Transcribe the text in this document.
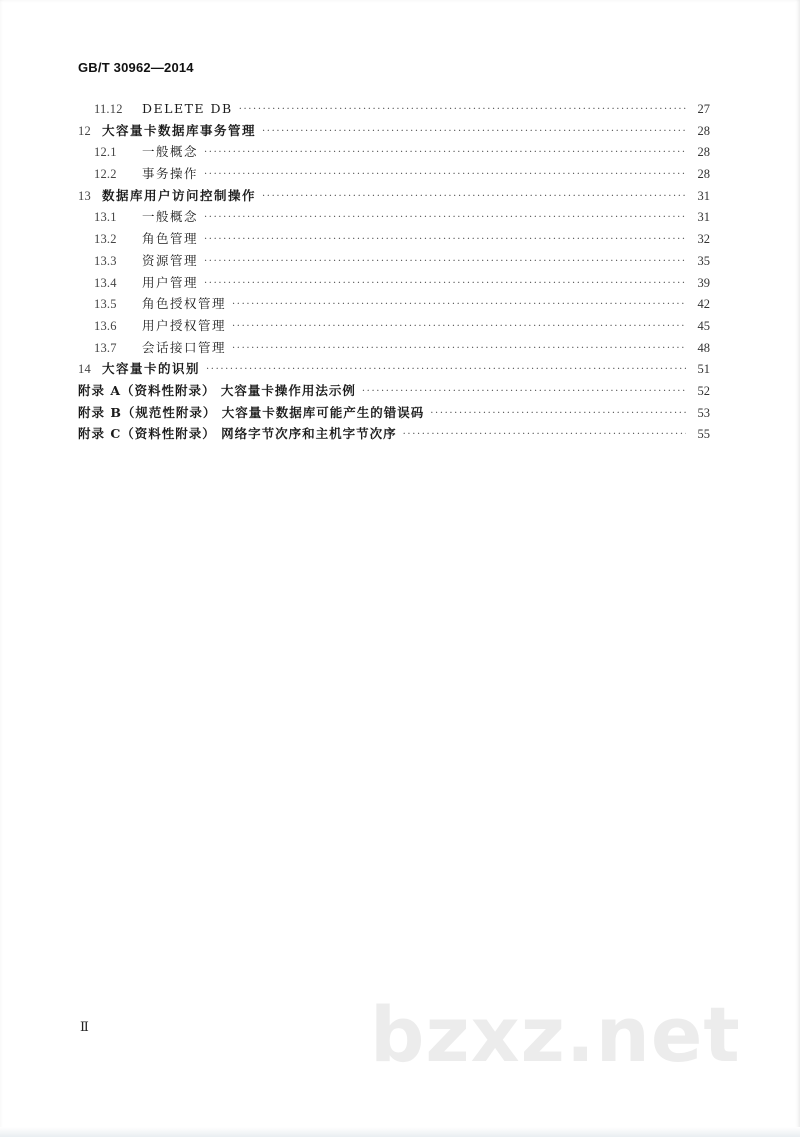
GB/T 30962—2014
11.12	DELETE DB ·····	27
12 大容量卡数据库事务管理 ·····	28
12.1	一般概念 ·····	28
12.2	事务操作 ·····	28
13 数据库用户访问控制操作 ·····	31
13.1	一般概念 ·····	31
13.2	角色管理 ·····	32
13.3	资源管理 ·····	35
13.4	用户管理 ·····	39
13.5	角色授权管理 ·····	42
13.6	用户授权管理 ·····	45
13.7	会话接口管理 ·····	48
14 大容量卡的识别 ·····	51
附录 A（资料性附录） 大容量卡操作用法示例 ·····	52
附录 B（规范性附录） 大容量卡数据库可能产生的错误码 ·····	53
附录 C（资料性附录） 网络字节次序和主机字节次序 ·····	55
Ⅱ	bzxz.net
